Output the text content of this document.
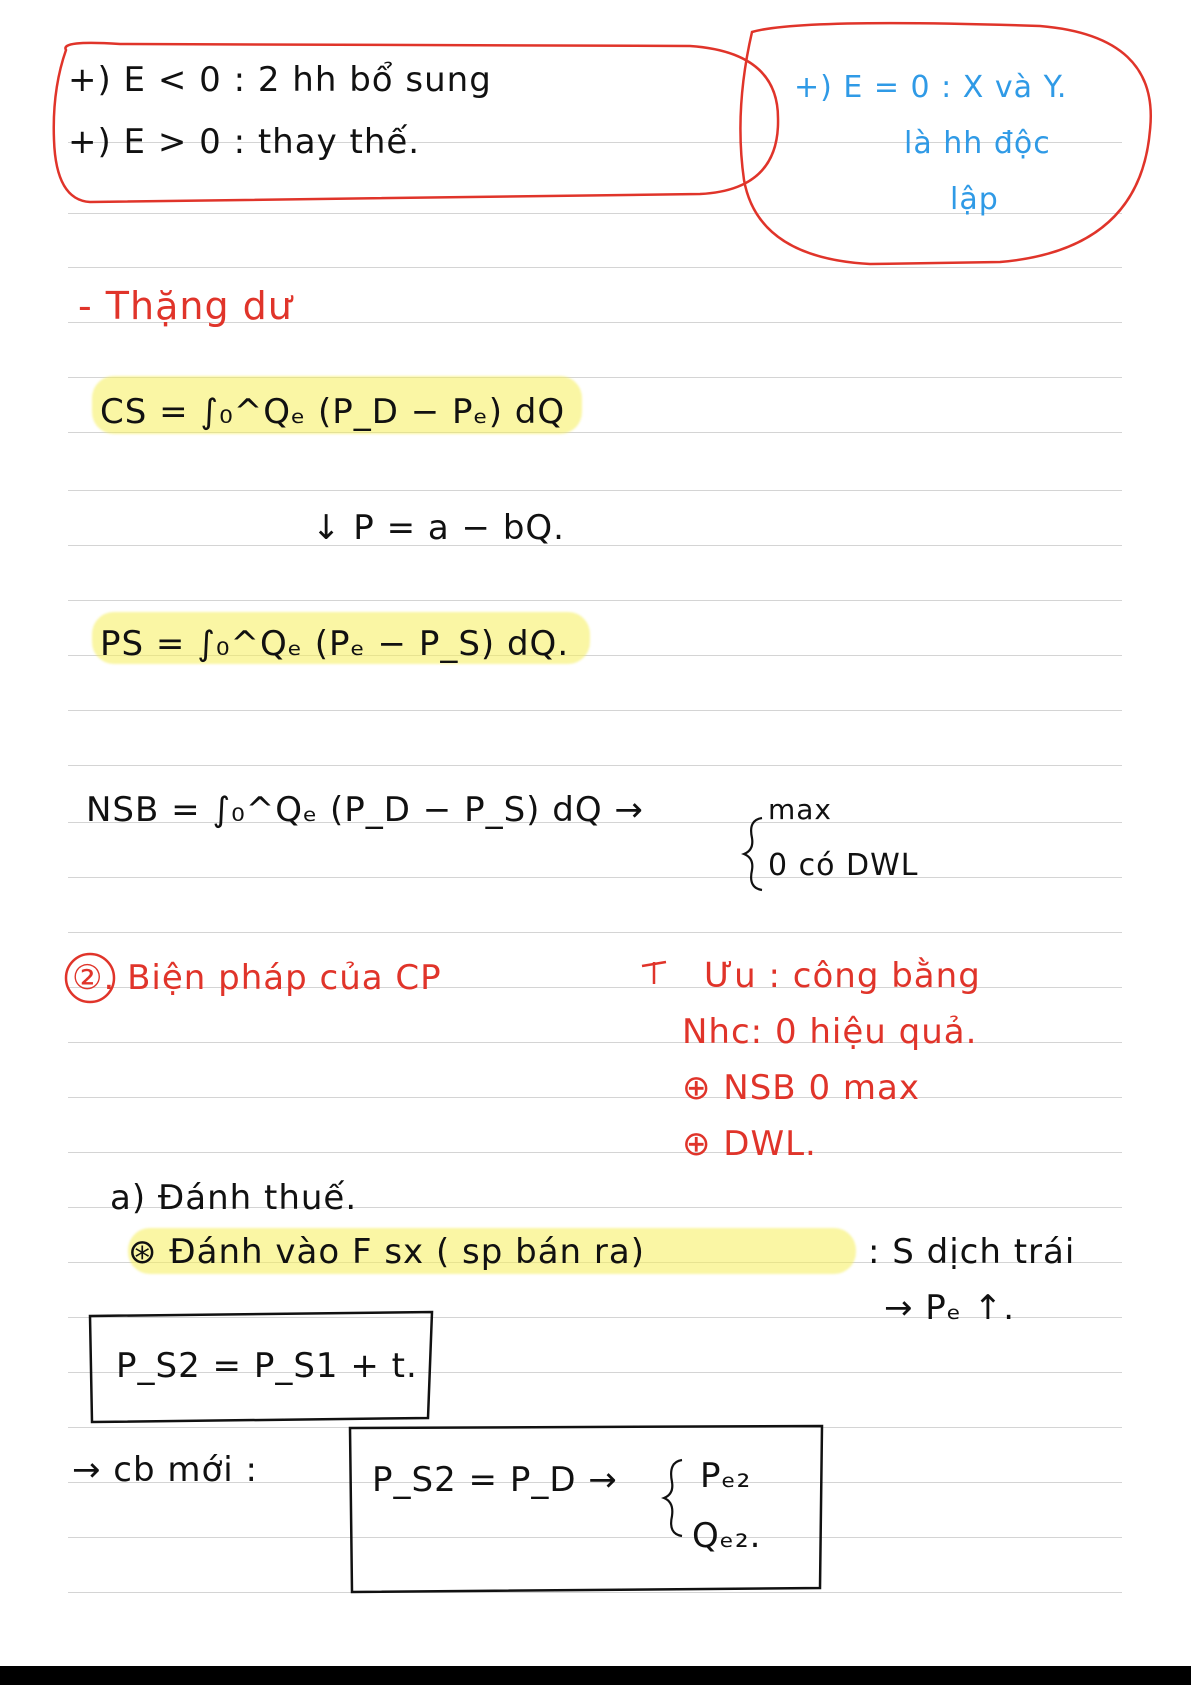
+) E < 0 : 2 hh bổ sung
+) E > 0 : thay thế.
+) E = 0 : X và Y.
là hh độc
lập
- Thặng dư
CS = ∫₀^Qₑ (P_D − Pₑ) dQ
↓ P = a − bQ.
PS = ∫₀^Qₑ (Pₑ − P_S) dQ.
NSB = ∫₀^Qₑ (P_D − P_S) dQ →	max
0 có DWL
②. Biện pháp của CP	Ưu : công bằng
Nhc: 0 hiệu quả.
⊕ NSB 0 max
⊕ DWL.
a) Đánh thuế.
⊛ Đánh vào F sx ( sp bán ra)	: S dịch trái
→ Pₑ ↑.
P_S2 = P_S1 + t.
→ cb mới :	P_S2 = P_D → Pₑ₂
Qₑ₂.
